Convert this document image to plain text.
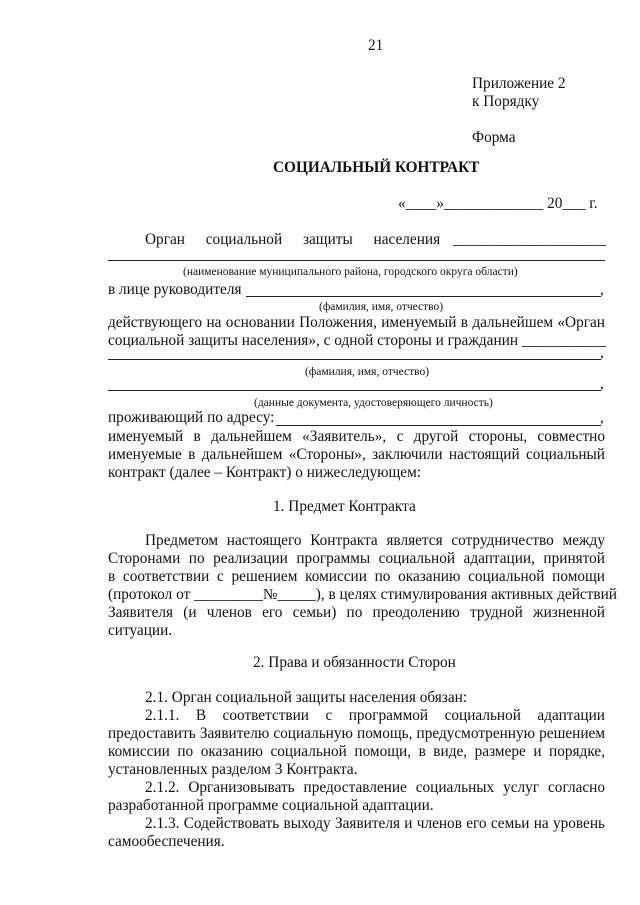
21
Приложение 2
к Порядку
Форма
СОЦИАЛЬНЫЙ КОНТРАКТ
«____»_____________ 20___ г.
Орган социальной защиты населения ____________________
(наименование муниципального района, городского округа области)
в лице руководителя	,
(фамилия, имя, отчество)
действующего на основании Положения, именуемый в дальнейшем «Орган
социальной защиты населения», с одной стороны и гражданин ___________
,
(фамилия, имя, отчество)
,
(данные документа, удостоверяющего личность)
проживающий по адресу:	,
именуемый в дальнейшем «Заявитель», с другой стороны, совместно
именуемые в дальнейшем «Стороны», заключили настоящий социальный
контракт (далее – Контракт) о нижеследующем:
1. Предмет Контракта
Предметом настоящего Контракта является сотрудничество между
Сторонами по реализации программы социальной адаптации, принятой
в соответствии с решением комиссии по оказанию социальной помощи
(протокол от _________№_____), в целях стимулирования активных действий
Заявителя (и членов его семьи) по преодолению трудной жизненной
ситуации.
2. Права и обязанности Сторон
2.1. Орган социальной защиты населения обязан:
2.1.1. В соответствии с программой социальной адаптации
предоставить Заявителю социальную помощь, предусмотренную решением
комиссии по оказанию социальной помощи, в виде, размере и порядке,
установленных разделом 3 Контракта.
2.1.2. Организовывать предоставление социальных услуг согласно
разработанной программе социальной адаптации.
2.1.3. Содействовать выходу Заявителя и членов его семьи на уровень
самообеспечения.
